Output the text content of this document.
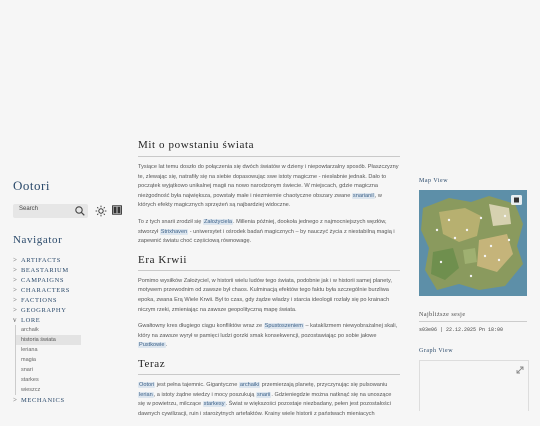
Ootori
Search
Navigator
> ARTIFACTS
> BEASTARIUM
> CAMPAIGNS
> CHARACTERS
> FACTIONS
> GEOGRAPHY
v LORE
archaik
historia świata
leriana
magia
snari
starkes
wieszcz
> MECHANICS
Mit o powstaniu świata

Tysiące lat temu doszło do połączenia się dwóch światów w dzieny i niepowtarzalny sposób. Płaszczyzny te, zlewając się, natrafiły się na siebie dopasowując swe istoty magiczne - niesłabnie jednak. Dało to początek wyjątkowo unikalnej magii na nowo narodzonym świecie. W miejscach, gdzie magiczna nieżgodność była największa, powstały małe i niezmiernie chaotyczne obszary zwane snarianil, w których efekty magicznych sprzężeń są najbardziej widoczne.

To z tych snarii zrodził się Założyciela. Millenia później, dookoła jednego z najmocniejszych węzłów, stworzył Strixhaven - uniwersytet i ośrodek badań magicznych – by nauczyć życia z niestabilną magią i zapewnić światu choć częściową równowagę.

Era Krwii

Pomimo wysiłków Założyciel, w historii wielu ludów tego świata, podobnie jak i w historii samej planety, motywem przewodnim od zawsze był chaos. Kulminacją efektów tego faktu była szczególnie burzliwa epoka, zwana Erą Wiele Krwii. Był to czas, gdy żądze władzy i starcia ideologii rozlały się po krainach niczym rzeki, zmieniając na zawsze geopolityczną mapę świata.

Gwałtowny kres długiego ciągu konfliktów wraz ze Spustoszeniem – kataklizmem niewyobrażalnej skali, który na zawsze wyrył w pamięci ludzi gorzki smak konsekwencji, pozostawiając po sobie jałowe Pustkowie.

Teraz

Ootori jest pełna tajemnic. Gigantyczne archaiki przemierzają planetę, przyczynując się pulsowaniu lerian, a istoty żądne wiedzy i mocy poszukują snarii. Gdzieniegdzie można natknąć się na unoszące się w powietrzu, milczące starkesy. Świat w większości pozostaje niezbadany, pełen jest pozostałości dawnych cywilizacji, ruin i starożytnych artefaktów. Krainy wiele historii z państwach mieniacych

Map View
Najbliższe sesje
s03e06 | 22.12.2025 Pn 18:00
Graph View
